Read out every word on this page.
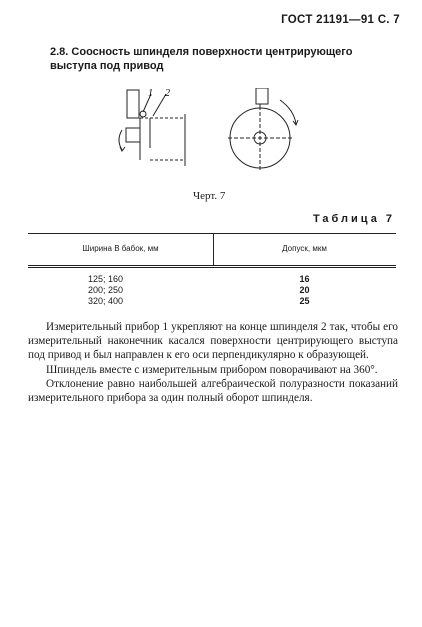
ГОСТ 21191—91 С. 7
2.8. Соосность шпинделя поверхности центрирующего выступа под привод
1 2
Черт. 7
Таблица 7
Ширина B бабок, мм	Допуск, мкм
125; 160	16
200; 250	20
320; 400	25

Измерительный прибор 1 укрепляют на конце шпинделя 2 так, чтобы его измерительный наконечник касался поверхности центрирующего выступа под привод и был направлен к его оси перпендикулярно к образующей.

Шпиндель вместе с измерительным прибором поворачивают на 360°.

Отклонение равно наибольшей алгебраической полуразности показаний измерительного прибора за один полный оборот шпинделя.
